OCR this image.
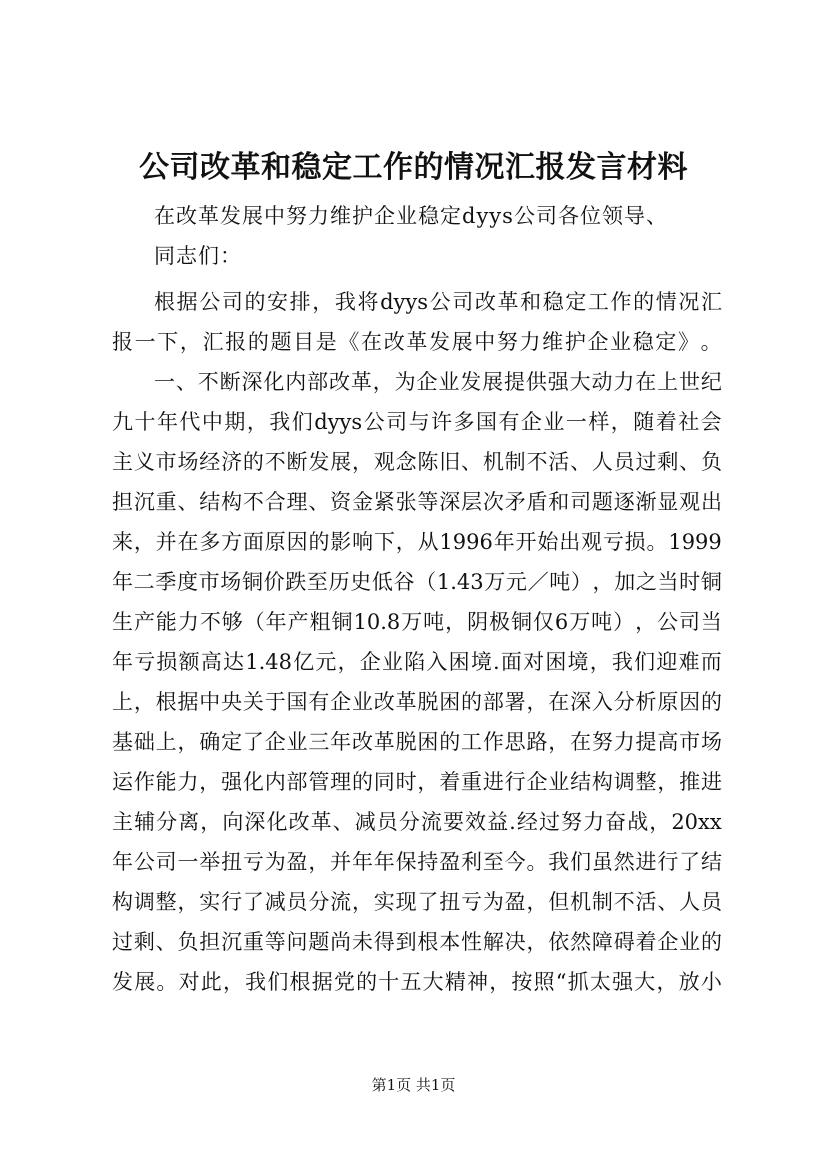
公司改革和稳定工作的情况汇报发言材料
在改革发展中努力维护企业稳定dyys公司各位领导、
同志们：
根 据 公 司 的 安 排 ， 我 将 dyys 公 司 改 革 和 稳 定 工 作 的 情 况 汇
报 一 下 ， 汇 报 的 题 目 是 《 在 改 革 发 展 中 努 力 维 护 企 业 稳 定 》 。
一 、 不 断 深 化 内 部 改 革 ， 为 企 业 发 展 提 供 强 大 动 力 在 上 世 纪
九 十 年 代 中 期 ， 我 们 dyys 公 司 与 许 多 国 有 企 业 一 样 ， 随 着 社 会
主 义 市 场 经 济 的 不 断 发 展 ， 观 念 陈 旧 、 机 制 不 活 、 人 员 过 剩 、 负
担 沉 重 、 结 构 不 合 理 、 资 金 紧 张 等 深 层 次 矛 盾 和 司 题 逐 渐 显 观 出
来 ， 并 在 多 方 面 原 因 的 影 响 下 ， 从 1996 年 开 始 出 观 亏 损 。 1999
年 二 季 度 市 场 铜 价 跌 至 历 史 低 谷 （ 1.43 万 元 ／ 吨 ） ， 加 之 当 时 铜
生 产 能 力 不 够 （ 年 产 粗 铜 10.8 万 吨 ， 阴 极 铜 仅 6 万 吨 ） ， 公 司 当
年 亏 损 额 高 达 1.48 亿 元 ， 企 业 陷 入 困 境 . 面 对 困 境 ， 我 们 迎 难 而
上 ， 根 据 中 央 关 于 国 有 企 业 改 革 脱 困 的 部 署 ， 在 深 入 分 析 原 因 的
基 础 上 ， 确 定 了 企 业 三 年 改 革 脱 困 的 工 作 思 路 ， 在 努 力 提 高 市 场
运 作 能 力 ， 强 化 内 部 管 理 的 同 时 ， 着 重 进 行 企 业 结 构 调 整 ， 推 进
主 辅 分 离 ， 向 深 化 改 革 、 减 员 分 流 要 效 益 . 经 过 努 力 奋 战 ， 20xx
年 公 司 一 举 扭 亏 为 盈 ， 并 年 年 保 持 盈 利 至 今 。 我 们 虽 然 进 行 了 结
构 调 整 ， 实 行 了 减 员 分 流 ， 实 现 了 扭 亏 为 盈 ， 但 机 制 不 活 、 人 员
过 剩 、 负 担 沉 重 等 问 题 尚 未 得 到 根 本 性 解 决 ， 依 然 障 碍 着 企 业 的
发 展 。 对 此 ， 我 们 根 据 党 的 十 五 大 精 神 ， 按 照 “ 抓 太 强 大 ， 放 小
第1页 共1页
